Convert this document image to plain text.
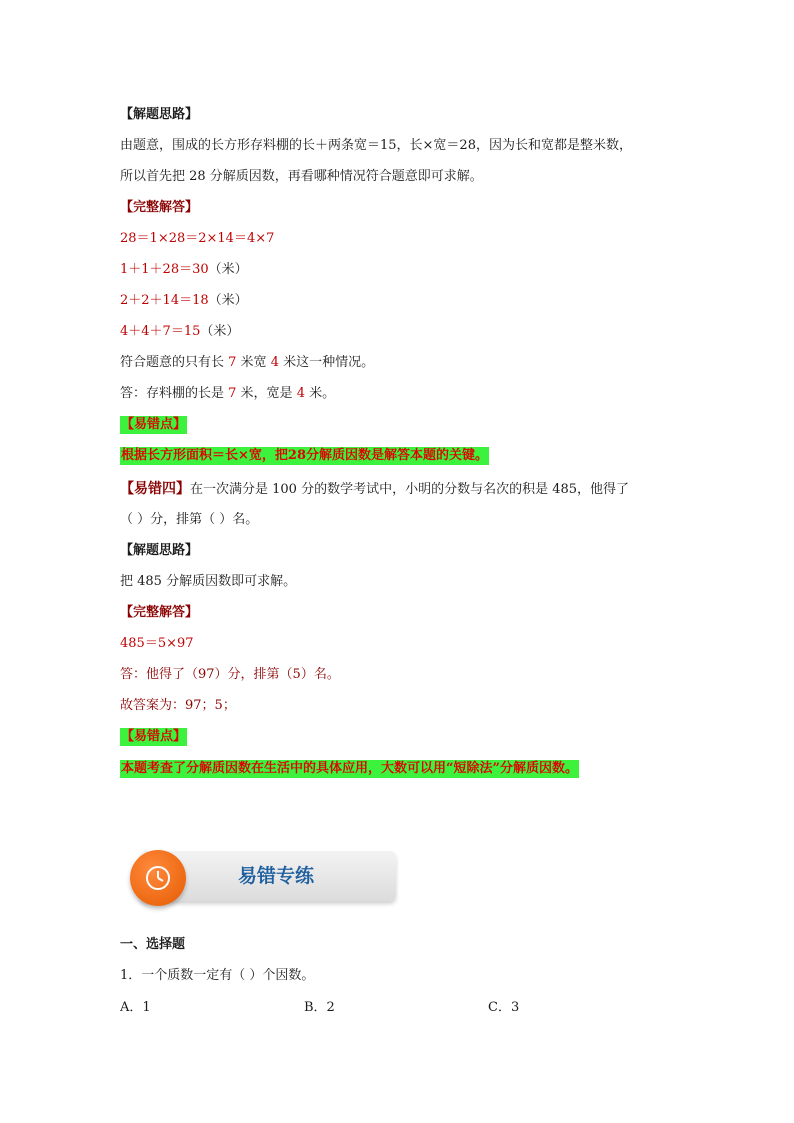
【解题思路】
由题意，围成的长方形存料棚的长＋两条宽＝15，长×宽＝28，因为长和宽都是整米数，
所以首先把 28 分解质因数，再看哪种情况符合题意即可求解。
【完整解答】
28＝1×28＝2×14＝4×7
1＋1＋28＝30（米）
2＋2＋14＝18（米）
4＋4＋7＝15（米）
符合题意的只有长 7 米宽 4 米这一种情况。
答：存料棚的长是 7 米，宽是 4 米。
【易错点】
根据长方形面积＝长×宽，把28分解质因数是解答本题的关键。
【易错四】在一次满分是 100 分的数学考试中，小明的分数与名次的积是 485，他得了
（ ）分，排第（ ）名。
【解题思路】
把 485 分解质因数即可求解。
【完整解答】
485＝5×97
答：他得了（97）分，排第（5）名。
故答案为：97；5；
【易错点】
本题考查了分解质因数在生活中的具体应用，大数可以用“短除法”分解质因数。
易错专练
一、选择题
1．一个质数一定有（ ）个因数。
A．1	B．2	C．3
